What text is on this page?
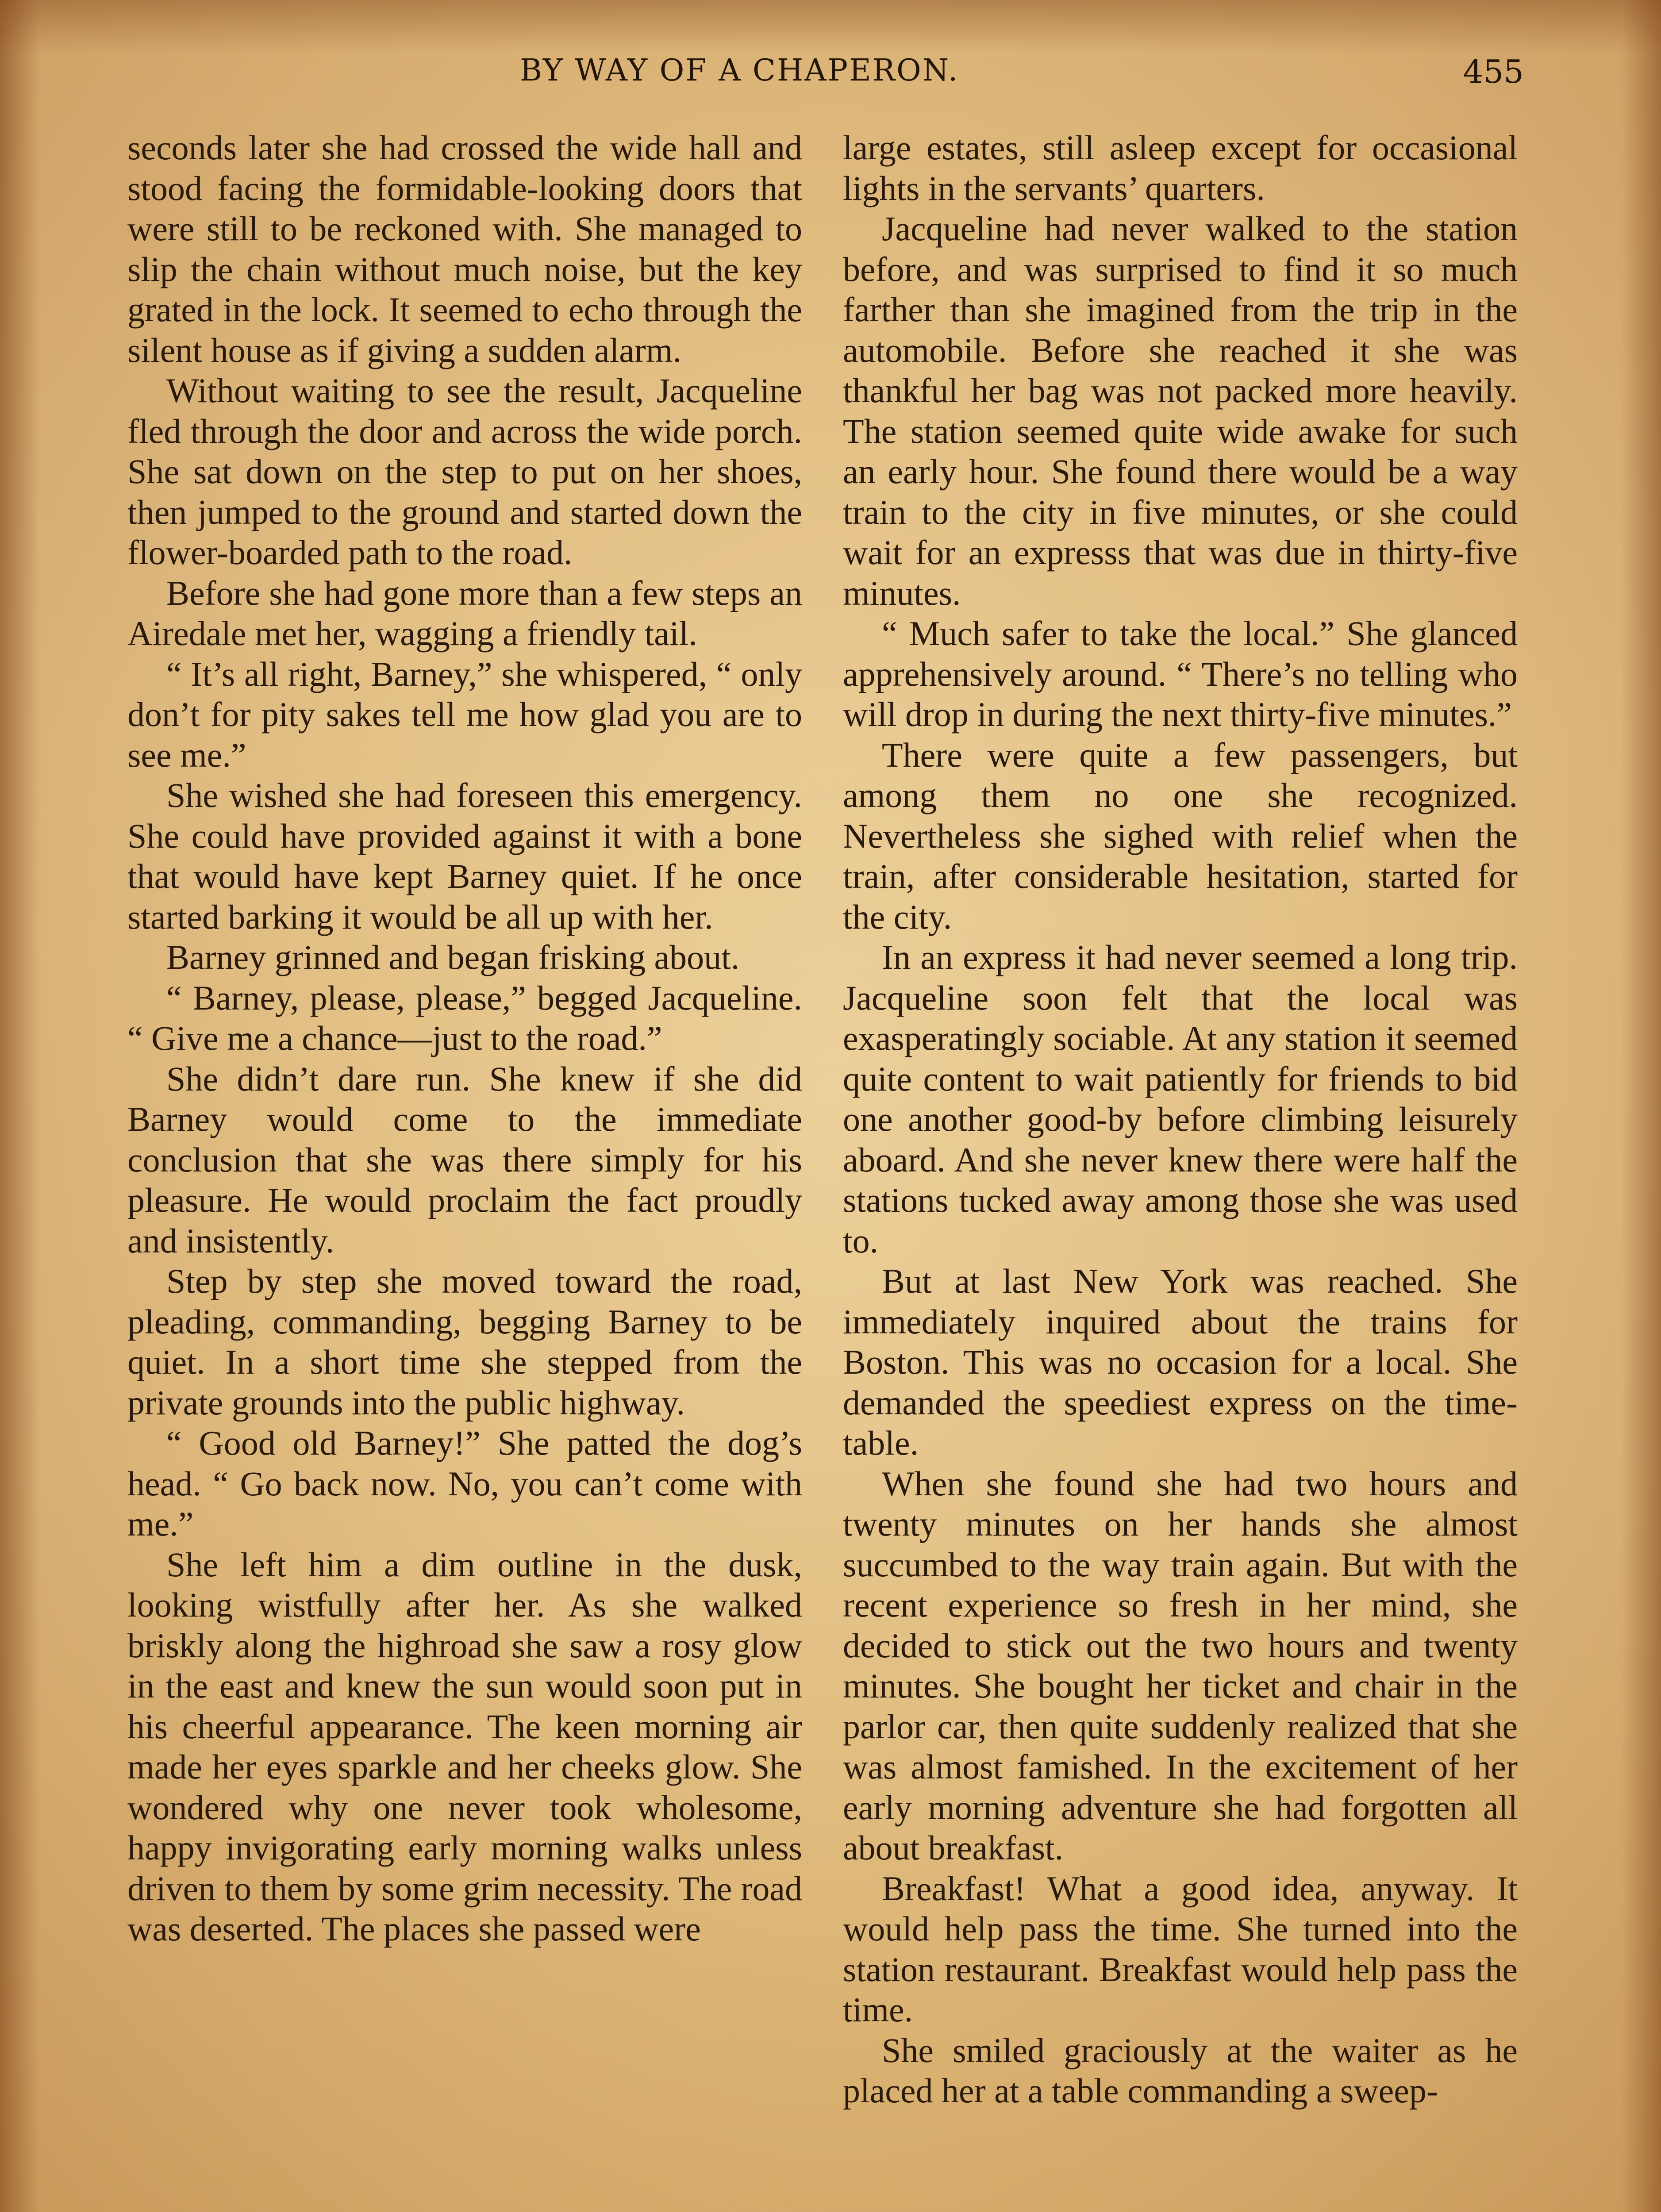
BY WAY OF A CHAPERON.	455

seconds later she had crossed the wide hall and stood facing the formidable-looking doors that were still to be reckoned with. She managed to slip the chain without much noise, but the key grated in the lock. It seemed to echo through the silent house as if giving a sudden alarm.

Without waiting to see the result, Jacqueline fled through the door and across the wide porch. She sat down on the step to put on her shoes, then jumped to the ground and started down the flower-boarded path to the road.

Before she had gone more than a few steps an Airedale met her, wagging a friendly tail.

“ It’s all right, Barney,” she whispered, “ only don’t for pity sakes tell me how glad you are to see me.”

She wished she had foreseen this emergency. She could have provided against it with a bone that would have kept Barney quiet. If he once started barking it would be all up with her.

Barney grinned and began frisking about.

“ Barney, please, please,” begged Jacqueline. “ Give me a chance—just to the road.”

She didn’t dare run. She knew if she did Barney would come to the immediate conclusion that she was there simply for his pleasure. He would proclaim the fact proudly and insistently.

Step by step she moved toward the road, pleading, commanding, begging Barney to be quiet. In a short time she stepped from the private grounds into the public highway.

“ Good old Barney!” She patted the dog’s head. “ Go back now. No, you can’t come with me.”

She left him a dim outline in the dusk, looking wistfully after her. As she walked briskly along the highroad she saw a rosy glow in the east and knew the sun would soon put in his cheerful appearance. The keen morning air made her eyes sparkle and her cheeks glow. She wondered why one never took wholesome, happy invigorating early morning walks unless driven to them by some grim necessity. The road was deserted. The places she passed were

large estates, still asleep except for occasional lights in the servants’ quarters.

Jacqueline had never walked to the station before, and was surprised to find it so much farther than she imagined from the trip in the automobile. Before she reached it she was thankful her bag was not packed more heavily. The station seemed quite wide awake for such an early hour. She found there would be a way train to the city in five minutes, or she could wait for an expresss that was due in thirty-five minutes.

“ Much safer to take the local.” She glanced apprehensively around. “ There’s no telling who will drop in during the next thirty-five minutes.”

There were quite a few passengers, but among them no one she recognized. Nevertheless she sighed with relief when the train, after considerable hesitation, started for the city.

In an express it had never seemed a long trip. Jacqueline soon felt that the local was exasperatingly sociable. At any station it seemed quite content to wait patiently for friends to bid one another good-by before climbing leisurely aboard. And she never knew there were half the stations tucked away among those she was used to.

But at last New York was reached. She immediately inquired about the trains for Boston. This was no occasion for a local. She demanded the speediest express on the time-table.

When she found she had two hours and twenty minutes on her hands she almost succumbed to the way train again. But with the recent experience so fresh in her mind, she decided to stick out the two hours and twenty minutes. She bought her ticket and chair in the parlor car, then quite suddenly realized that she was almost famished. In the excitement of her early morning adventure she had forgotten all about breakfast.

Breakfast! What a good idea, anyway. It would help pass the time. She turned into the station restaurant. Breakfast would help pass the time.

She smiled graciously at the waiter as he placed her at a table commanding a sweep-
